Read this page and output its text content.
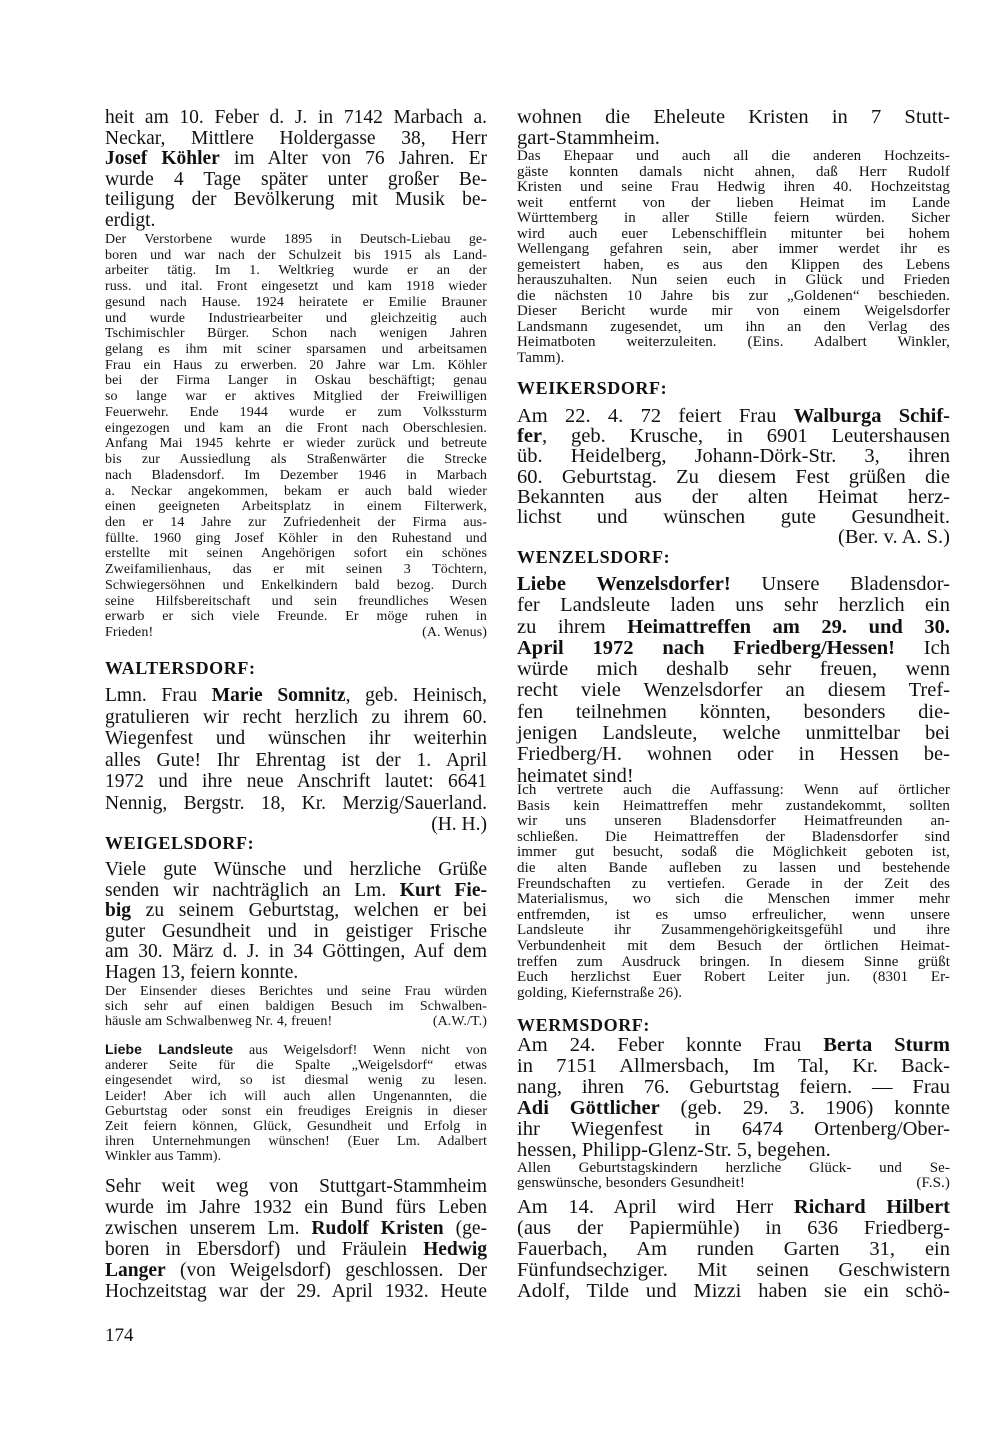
heit am 10. Feber d. J. in 7142 Marbach a.
Neckar, Mittlere Holdergasse 38, Herr
Josef Köhler im Alter von 76 Jahren. Er
wurde 4 Tage später unter großer Be-
teiligung der Bevölkerung mit Musik be-
erdigt.
Der Verstorbene wurde 1895 in Deutsch-Liebau ge-
boren und war nach der Schulzeit bis 1915 als Land-
arbeiter tätig. Im 1. Weltkrieg wurde er an der
russ. und ital. Front eingesetzt und kam 1918 wieder
gesund nach Hause. 1924 heiratete er Emilie Brauner
und wurde Industriearbeiter und gleichzeitig auch
Tschimischler Bürger. Schon nach wenigen Jahren
gelang es ihm mit sciner sparsamen und arbeitsamen
Frau ein Haus zu erwerben. 20 Jahre war Lm. Köhler
bei der Firma Langer in Oskau beschäftigt; genau
so lange war er aktives Mitglied der Freiwilligen
Feuerwehr. Ende 1944 wurde er zum Volkssturm
eingezogen und kam an die Front nach Oberschlesien.
Anfang Mai 1945 kehrte er wieder zurück und betreute
bis zur Aussiedlung als Straßenwärter die Strecke
nach Bladensdorf. Im Dezember 1946 in Marbach
a. Neckar angekommen, bekam er auch bald wieder
einen geeigneten Arbeitsplatz in einem Filterwerk,
den er 14 Jahre zur Zufriedenheit der Firma aus-
füllte. 1960 ging Josef Köhler in den Ruhestand und
erstellte mit seinen Angehörigen sofort ein schönes
Zweifamilienhaus, das er mit seinen 3 Töchtern,
Schwiegersöhnen und Enkelkindern bald bezog. Durch
seine Hilfsbereitschaft und sein freundliches Wesen
erwarb er sich viele Freunde. Er möge ruhen in
Frieden!	(A. Wenus)
WALTERSDORF:
Lmn. Frau Marie Somnitz, geb. Heinisch,
gratulieren wir recht herzlich zu ihrem 60.
Wiegenfest und wünschen ihr weiterhin
alles Gute! Ihr Ehrentag ist der 1. April
1972 und ihre neue Anschrift lautet: 6641
Nennig, Bergstr. 18, Kr. Merzig/Sauerland.
(H. H.)
WEIGELSDORF:
Viele gute Wünsche und herzliche Grüße
senden wir nachträglich an Lm. Kurt Fie-
big zu seinem Geburtstag, welchen er bei
guter Gesundheit und in geistiger Frische
am 30. März d. J. in 34 Göttingen, Auf dem
Hagen 13, feiern konnte.
Der Einsender dieses Berichtes und seine Frau würden
sich sehr auf einen baldigen Besuch im Schwalben-
häusle am Schwalbenweg Nr. 4, freuen!	(A.W./T.)
Liebe Landsleute aus Weigelsdorf! Wenn nicht von
anderer Seite für die Spalte „Weigelsdorf“ etwas
eingesendet wird, so ist diesmal wenig zu lesen.
Leider! Aber ich will auch allen Ungenannten, die
Geburtstag oder sonst ein freudiges Ereignis in dieser
Zeit feiern können, Glück, Gesundheit und Erfolg in
ihren Unternehmungen wünschen! (Euer Lm. Adalbert
Winkler aus Tamm).
Sehr weit weg von Stuttgart-Stammheim
wurde im Jahre 1932 ein Bund fürs Leben
zwischen unserem Lm. Rudolf Kristen (ge-
boren in Ebersdorf) und Fräulein Hedwig
Langer (von Weigelsdorf) geschlossen. Der
Hochzeitstag war der 29. April 1932. Heute
174
wohnen die Eheleute Kristen in 7 Stutt-
gart-Stammheim.
Das Ehepaar und auch all die anderen Hochzeits-
gäste konnten damals nicht ahnen, daß Herr Rudolf
Kristen und seine Frau Hedwig ihren 40. Hochzeitstag
weit entfernt von der lieben Heimat im Lande
Württemberg in aller Stille feiern würden. Sicher
wird auch euer Lebenschifflein mitunter bei hohem
Wellengang gefahren sein, aber immer werdet ihr es
gemeistert haben, es aus den Klippen des Lebens
herauszuhalten. Nun seien euch in Glück und Frieden
die nächsten 10 Jahre bis zur „Goldenen“ beschieden.
Dieser Bericht wurde mir von einem Weigelsdorfer
Landsmann zugesendet, um ihn an den Verlag des
Heimatboten weiterzuleiten. (Eins. Adalbert Winkler,
Tamm).
WEIKERSDORF:
Am 22. 4. 72 feiert Frau Walburga Schif-
fer, geb. Krusche, in 6901 Leutershausen
üb. Heidelberg, Johann-Dörk-Str. 3, ihren
60. Geburtstag. Zu diesem Fest grüßen die
Bekannten aus der alten Heimat herz-
lichst und wünschen gute Gesundheit.
(Ber. v. A. S.)
WENZELSDORF:
Liebe Wenzelsdorfer! Unsere Bladensdor-
fer Landsleute laden uns sehr herzlich ein
zu ihrem Heimattreffen am 29. und 30.
April 1972 nach Friedberg/Hessen! Ich
würde mich deshalb sehr freuen, wenn
recht viele Wenzelsdorfer an diesem Tref-
fen teilnehmen könnten, besonders die-
jenigen Landsleute, welche unmittelbar bei
Friedberg/H. wohnen oder in Hessen be-
heimatet sind!
Ich vertrete auch die Auffassung: Wenn auf örtlicher
Basis kein Heimattreffen mehr zustandekommt, sollten
wir uns unseren Bladensdorfer Heimatfreunden an-
schließen. Die Heimattreffen der Bladensdorfer sind
immer gut besucht, sodaß die Möglichkeit geboten ist,
die alten Bande aufleben zu lassen und bestehende
Freundschaften zu vertiefen. Gerade in der Zeit des
Materialismus, wo sich die Menschen immer mehr
entfremden, ist es umso erfreulicher, wenn unsere
Landsleute ihr Zusammengehörigkeitsgefühl und ihre
Verbundenheit mit dem Besuch der örtlichen Heimat-
treffen zum Ausdruck bringen. In diesem Sinne grüßt
Euch herzlichst Euer Robert Leiter jun. (8301 Er-
golding, Kiefernstraße 26).
WERMSDORF:
Am 24. Feber konnte Frau Berta Sturm
in 7151 Allmersbach, Im Tal, Kr. Back-
nang, ihren 76. Geburtstag feiern. — Frau
Adi Göttlicher (geb. 29. 3. 1906) konnte
ihr Wiegenfest in 6474 Ortenberg/Ober-
hessen, Philipp-Glenz-Str. 5, begehen.
Allen Geburtstagskindern herzliche Glück- und Se-
genswünsche, besonders Gesundheit!	(F.S.)
Am 14. April wird Herr Richard Hilbert
(aus der Papiermühle) in 636 Friedberg-
Fauerbach, Am runden Garten 31, ein
Fünfundsechziger. Mit seinen Geschwistern
Adolf, Tilde und Mizzi haben sie ein schö-
